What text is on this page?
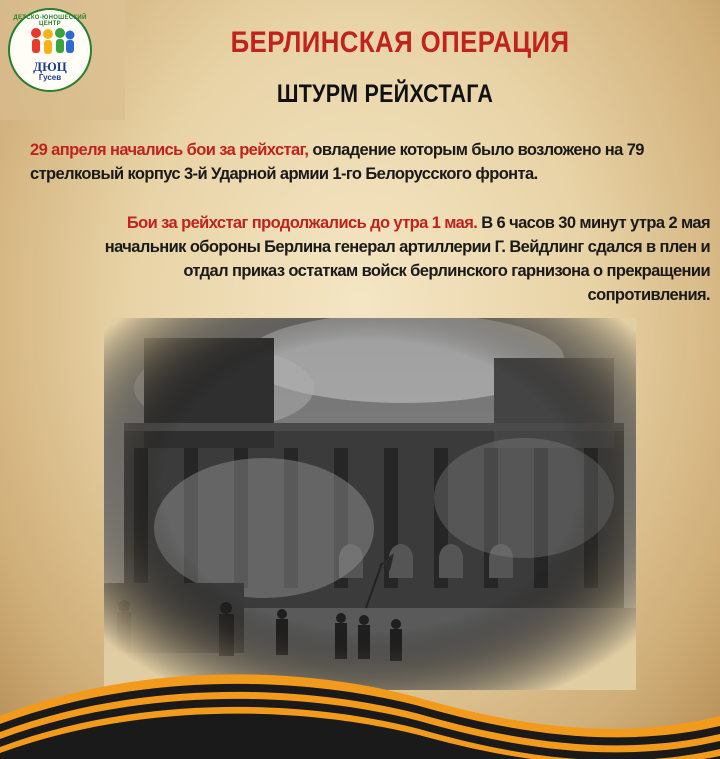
ДЕТСКО-ЮНОШЕСКИЙ ЦЕНТР
ДЮЦ
Гусев
БЕРЛИНСКАЯ ОПЕРАЦИЯ
ШТУРМ РЕЙХСТАГА
29 апреля начались бои за рейхстаг, овладение которым было возложено на 79 стрелковый корпус 3-й Ударной армии 1-го Белорусского фронта.
Бои за рейхстаг продолжались до утра 1 мая. В 6 часов 30 минут утра 2 мая
начальник обороны Берлина генерал артиллерии Г. Вейдлинг сдался в плен и
отдал приказ остаткам войск берлинского гарнизона о прекращении
сопротивления.
